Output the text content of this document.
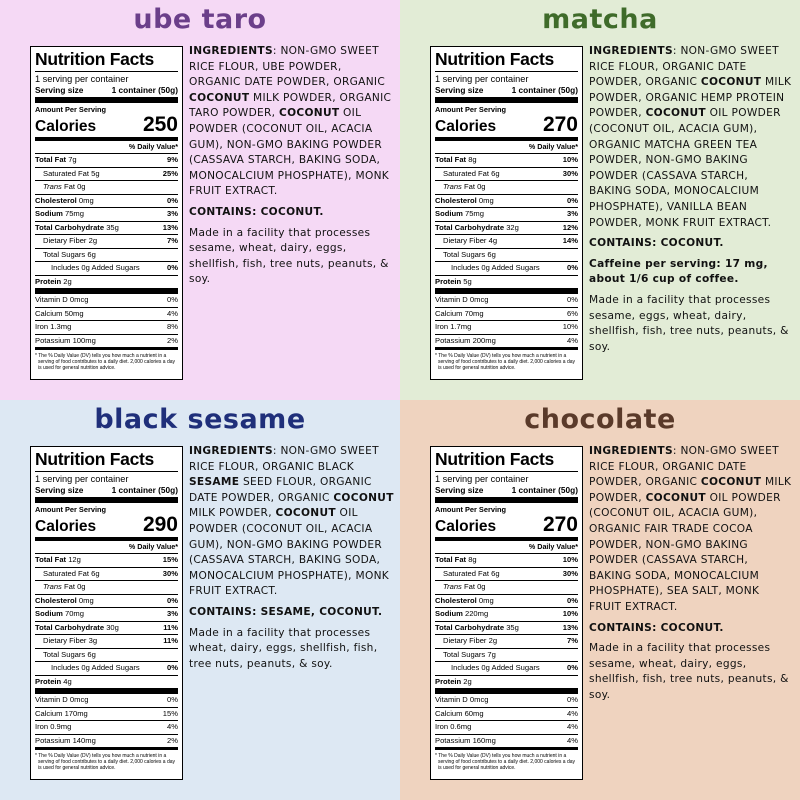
ube taro
Nutrition Facts
1 serving per container
Serving size	1 container (50g)
Amount Per Serving
Calories 250
% Daily Value*
Total Fat 7g	9%
Saturated Fat 5g	25%
Trans Fat 0g
Cholesterol 0mg	0%
Sodium 75mg	3%
Total Carbohydrate 35g	13%
Dietary Fiber 2g	7%
Total Sugars 6g
Includes 0g Added Sugars	0%
Protein 2g
Vitamin D 0mcg	0%
Calcium 50mg	4%
Iron 1.3mg	8%
Potassium 100mg	2%
* The % Daily Value (DV) tells you how much a nutrient in a serving of food contributes to a daily diet. 2,000 calories a day is used for general nutrition advice.

INGREDIENTS: NON-GMO SWEET RICE FLOUR, UBE POWDER, ORGANIC DATE POWDER, ORGANIC COCONUT MILK POWDER, ORGANIC TARO POWDER, COCONUT OIL POWDER (COCONUT OIL, ACACIA GUM), NON-GMO BAKING POWDER (CASSAVA STARCH, BAKING SODA, MONOCALCIUM PHOSPHATE), MONK FRUIT EXTRACT.

CONTAINS: COCONUT.

Made in a facility that processes sesame, wheat, dairy, eggs, shellfish, fish, tree nuts, peanuts, & soy.

matcha
Nutrition Facts
1 serving per container
Serving size	1 container (50g)
Amount Per Serving
Calories 270
% Daily Value*
Total Fat 8g	10%
Saturated Fat 6g	30%
Trans Fat 0g
Cholesterol 0mg	0%
Sodium 75mg	3%
Total Carbohydrate 32g	12%
Dietary Fiber 4g	14%
Total Sugars 6g
Includes 0g Added Sugars	0%
Protein 5g
Vitamin D 0mcg	0%
Calcium 70mg	6%
Iron 1.7mg	10%
Potassium 200mg	4%
* The % Daily Value (DV) tells you how much a nutrient in a serving of food contributes to a daily diet. 2,000 calories a day is used for general nutrition advice.

INGREDIENTS: NON-GMO SWEET RICE FLOUR, ORGANIC DATE POWDER, ORGANIC COCONUT MILK POWDER, ORGANIC HEMP PROTEIN POWDER, COCONUT OIL POWDER (COCONUT OIL, ACACIA GUM), ORGANIC MATCHA GREEN TEA POWDER, NON-GMO BAKING POWDER (CASSAVA STARCH, BAKING SODA, MONOCALCIUM PHOSPHATE), VANILLA BEAN POWDER, MONK FRUIT EXTRACT.

CONTAINS: COCONUT.

Caffeine per serving: 17 mg, about 1/6 cup of coffee.

Made in a facility that processes sesame, eggs, wheat, dairy, shellfish, fish, tree nuts, peanuts, & soy.

black sesame
Nutrition Facts
1 serving per container
Serving size	1 container (50g)
Amount Per Serving
Calories 290
% Daily Value*
Total Fat 12g	15%
Saturated Fat 6g	30%
Trans Fat 0g
Cholesterol 0mg	0%
Sodium 70mg	3%
Total Carbohydrate 30g	11%
Dietary Fiber 3g	11%
Total Sugars 6g
Includes 0g Added Sugars	0%
Protein 4g
Vitamin D 0mcg	0%
Calcium 170mg	15%
Iron 0.9mg	4%
Potassium 140mg	2%
* The % Daily Value (DV) tells you how much a nutrient in a serving of food contributes to a daily diet. 2,000 calories a day is used for general nutrition advice.

INGREDIENTS: NON-GMO SWEET RICE FLOUR, ORGANIC BLACK SESAME SEED FLOUR, ORGANIC DATE POWDER, ORGANIC COCONUT MILK POWDER, COCONUT OIL POWDER (COCONUT OIL, ACACIA GUM), NON-GMO BAKING POWDER (CASSAVA STARCH, BAKING SODA, MONOCALCIUM PHOSPHATE), MONK FRUIT EXTRACT.

CONTAINS: SESAME, COCONUT.

Made in a facility that processes wheat, dairy, eggs, shellfish, fish, tree nuts, peanuts, & soy.

chocolate
Nutrition Facts
1 serving per container
Serving size	1 container (50g)
Amount Per Serving
Calories 270
% Daily Value*
Total Fat 8g	10%
Saturated Fat 6g	30%
Trans Fat 0g
Cholesterol 0mg	0%
Sodium 220mg	10%
Total Carbohydrate 35g	13%
Dietary Fiber 2g	7%
Total Sugars 7g
Includes 0g Added Sugars	0%
Protein 2g
Vitamin D 0mcg	0%
Calcium 60mg	4%
Iron 0.6mg	4%
Potassium 160mg	4%
* The % Daily Value (DV) tells you how much a nutrient in a serving of food contributes to a daily diet. 2,000 calories a day is used for general nutrition advice.

INGREDIENTS: NON-GMO SWEET RICE FLOUR, ORGANIC DATE POWDER, ORGANIC COCONUT MILK POWDER, COCONUT OIL POWDER (COCONUT OIL, ACACIA GUM), ORGANIC FAIR TRADE COCOA POWDER, NON-GMO BAKING POWDER (CASSAVA STARCH, BAKING SODA, MONOCALCIUM PHOSPHATE), SEA SALT, MONK FRUIT EXTRACT.

CONTAINS: COCONUT.

Made in a facility that processes sesame, wheat, dairy, eggs, shellfish, fish, tree nuts, peanuts, & soy.
